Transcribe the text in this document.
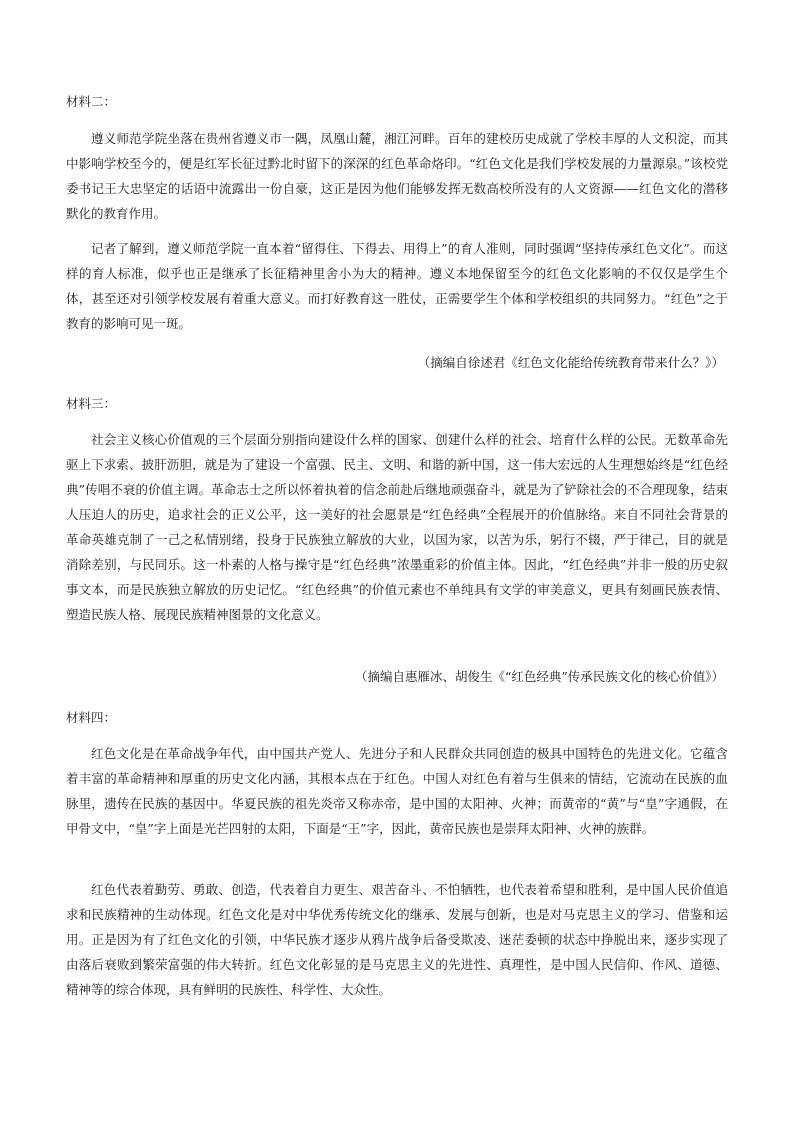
材料二：

遵义师范学院坐落在贵州省遵义市一隅，凤凰山麓，湘江河畔。百年的建校历史成就了学校丰厚的人文积淀，而其中影响学校至今的，便是红军长征过黔北时留下的深深的红色革命烙印。“红色文化是我们学校发展的力量源泉。”该校党委书记王大忠坚定的话语中流露出一份自豪，这正是因为他们能够发挥无数高校所没有的人文资源——红色文化的潜移默化的教育作用。

记者了解到，遵义师范学院一直本着“留得住、下得去、用得上”的育人准则，同时强调“坚持传承红色文化”。而这样的育人标准，似乎也正是继承了长征精神里舍小为大的精神。遵义本地保留至今的红色文化影响的不仅仅是学生个体，甚至还对引领学校发展有着重大意义。而打好教育这一胜仗，正需要学生个体和学校组织的共同努力。“红色”之于教育的影响可见一斑。

（摘编自徐述君《红色文化能给传统教育带来什么？》）
材料三：

社会主义核心价值观的三个层面分别指向建设什么样的国家、创建什么样的社会、培育什么样的公民。无数革命先驱上下求索、披肝沥胆，就是为了建设一个富强、民主、文明、和谐的新中国，这一伟大宏远的人生理想始终是“红色经典”传唱不衰的价值主调。革命志士之所以怀着执着的信念前赴后继地顽强奋斗，就是为了铲除社会的不合理现象，结束人压迫人的历史，追求社会的正义公平，这一美好的社会愿景是“红色经典”全程展开的价值脉络。来自不同社会背景的革命英雄克制了一己之私情别绪，投身于民族独立解放的大业，以国为家，以苦为乐，躬行不辍，严于律己，目的就是消除差别，与民同乐。这一朴素的人格与操守是“红色经典”浓墨重彩的价值主体。因此，“红色经典”并非一般的历史叙事文本，而是民族独立解放的历史记忆。“红色经典”的价值元素也不单纯具有文学的审美意义，更具有刻画民族表情、塑造民族人格、展现民族精神图景的文化意义。

（摘编自惠雁冰、胡俊生《“红色经典”传承民族文化的核心价值》）
材料四：

红色文化是在革命战争年代，由中国共产党人、先进分子和人民群众共同创造的极具中国特色的先进文化。它蕴含着丰富的革命精神和厚重的历史文化内涵，其根本点在于红色。中国人对红色有着与生俱来的情结，它流动在民族的血脉里，遗传在民族的基因中。华夏民族的祖先炎帝又称赤帝，是中国的太阳神、火神；而黄帝的“黄”与“皇”字通假，在甲骨文中，“皇”字上面是光芒四射的太阳，下面是“王”字，因此，黄帝民族也是崇拜太阳神、火神的族群。

红色代表着勤劳、勇敢、创造，代表着自力更生、艰苦奋斗、不怕牺牲，也代表着希望和胜利，是中国人民价值追求和民族精神的生动体现。红色文化是对中华优秀传统文化的继承、发展与创新，也是对马克思主义的学习、借鉴和运用。正是因为有了红色文化的引领，中华民族才逐步从鸦片战争后备受欺凌、迷茫委顿的状态中挣脱出来，逐步实现了由落后衰败到繁荣富强的伟大转折。红色文化彰显的是马克思主义的先进性、真理性，是中国人民信仰、作风、道德、精神等的综合体现，具有鲜明的民族性、科学性、大众性。
